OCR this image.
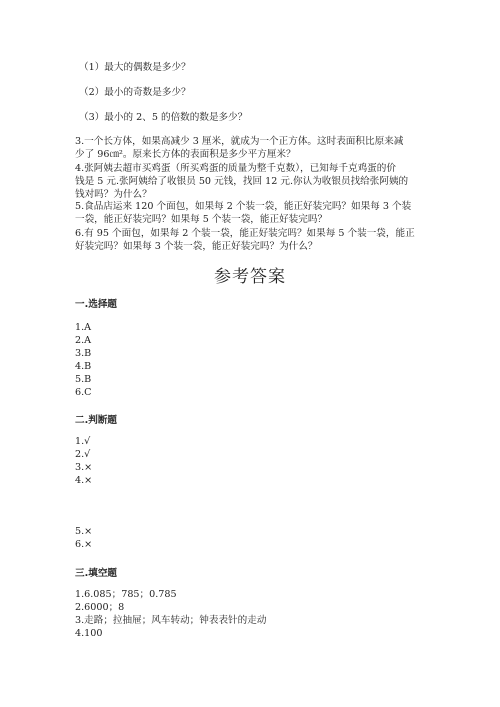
（1）最大的偶数是多少？
（2）最小的奇数是多少？
（3）最小的 2、5 的倍数的数是多少？
3.一个长方体，如果高减少 3 厘米，就成为一个正方体。这时表面积比原来减
少了 96㎝²。原来长方体的表面积是多少平方厘米？
4.张阿姨去超市买鸡蛋（所买鸡蛋的质量为整千克数），已知每千克鸡蛋的价
钱是 5 元.张阿姨给了收银员 50 元钱，找回 12 元.你认为收银员找给张阿姨的
钱对吗？为什么？
5.食品店运来 120 个面包，如果每 2 个装一袋，能正好装完吗？如果每 3 个装
一袋，能正好装完吗？如果每 5 个装一袋，能正好装完吗？
6.有 95 个面包，如果每 2 个装一袋，能正好装完吗？如果每 5 个装一袋，能正
好装完吗？如果每 3 个装一袋，能正好装完吗？为什么？
参考答案
一.选择题
1.A
2.A
3.B
4.B
5.B
6.C
二.判断题
1.√
2.√
3.×
4.×
5.×
6.×
三.填空题
1.6.085；785；0.785
2.6000；8
3.走路；拉抽屉；风车转动；钟表表针的走动
4.100
